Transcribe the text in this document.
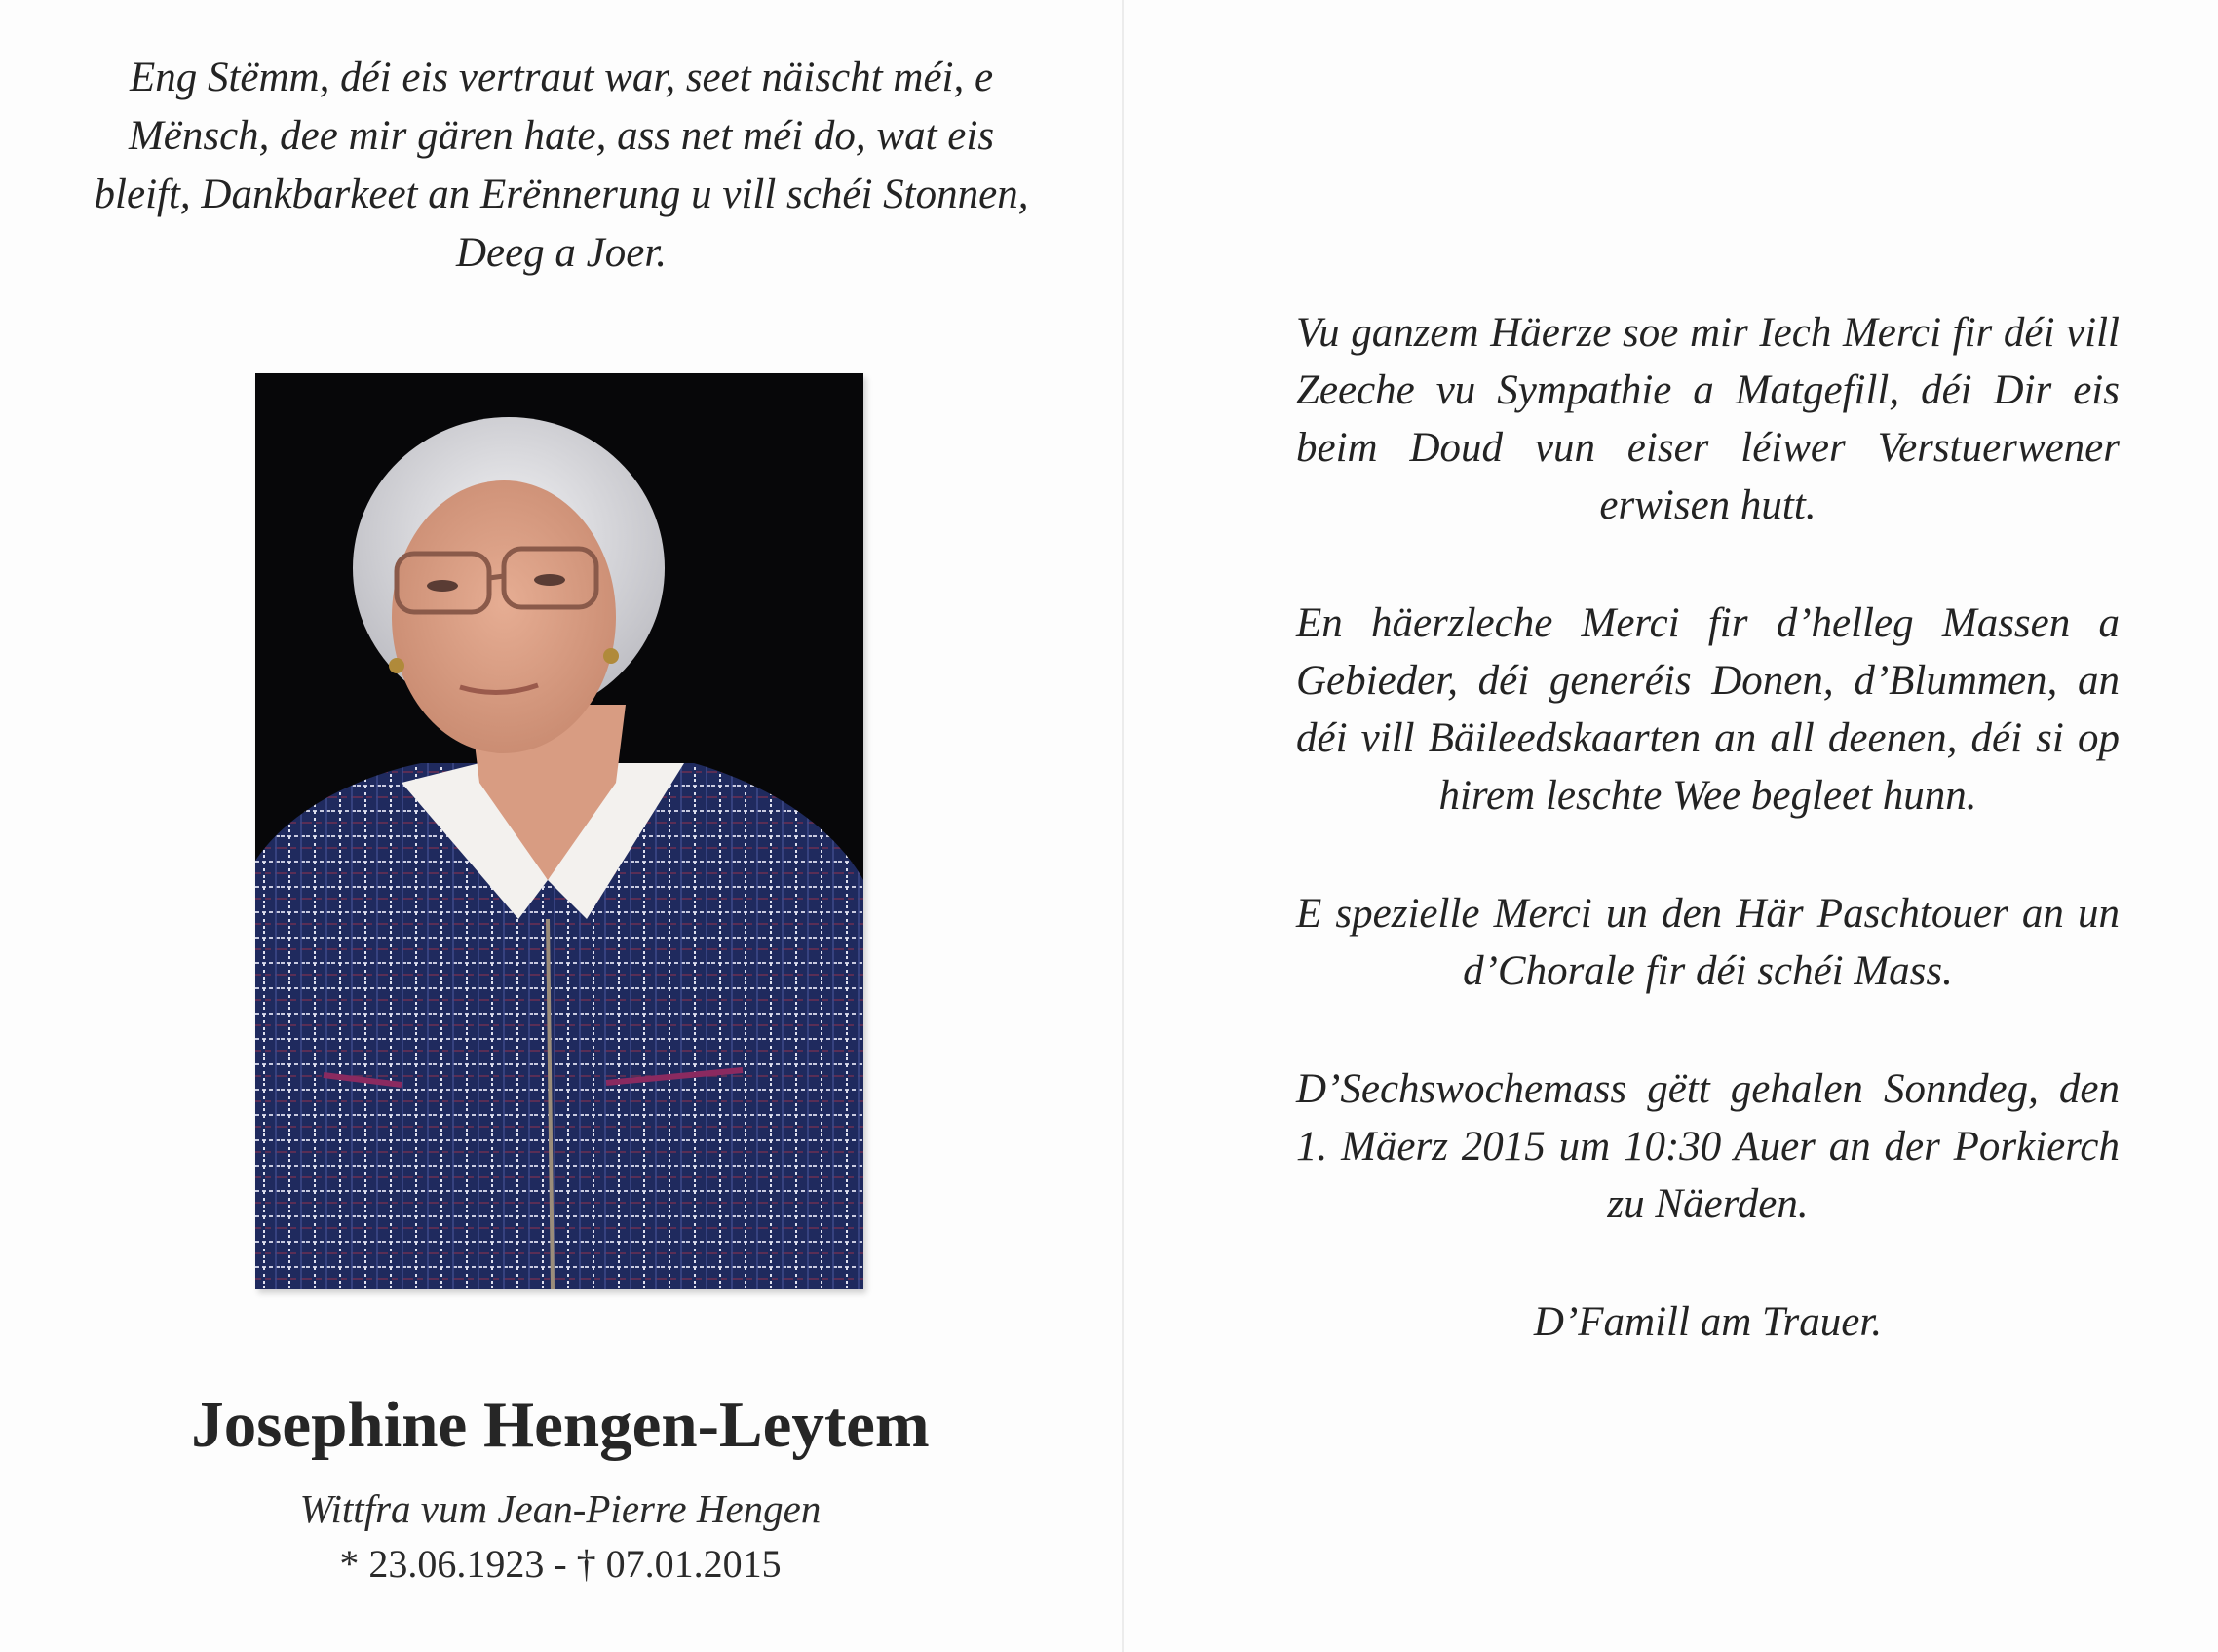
Eng Stëmm, déi eis vertraut war, seet näischt méi, e Mënsch, dee mir gären hate, ass net méi do, wat eis bleift, Dankbarkeet an Erënnerung u vill schéi Stonnen, Deeg a Joer.

Josephine Hengen-Leytem
Wittfra vum Jean-Pierre Hengen
* 23.06.1923 - † 07.01.2015

Vu ganzem Häerze soe mir Iech Merci fir déi vill Zeeche vu Sympathie a Matgefill, déi Dir eis beim Doud vun eiser léiwer Verstuerwener erwisen hutt.

En häerzleche Merci fir d’helleg Massen a Gebieder, déi generéis Donen, d’Blummen, an déi vill Bäileedskaarten an all deenen, déi si op hirem leschte Wee begleet hunn.

E spezielle Merci un den Här Paschtouer an un d’Chorale fir déi schéi Mass.

D’Sechswochemass gëtt gehalen Sonndeg, den 1. Mäerz 2015 um 10:30 Auer an der Porkierch zu Näerden.

D’Famill am Trauer.
